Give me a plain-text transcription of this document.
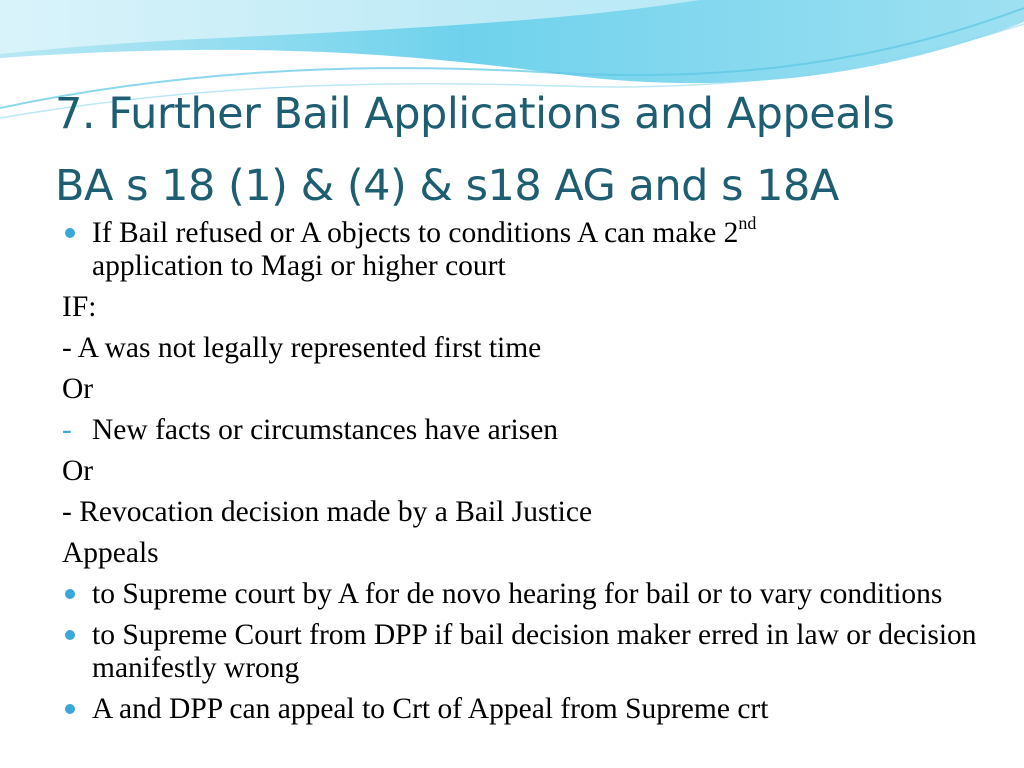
7. Further Bail Applications and Appeals
BA s 18 (1) & (4) & s18 AG and s 18A
If Bail refused or A objects to conditions A can make 2nd
application to Magi or higher court
IF:
- A was not legally represented first time
Or
- New facts or circumstances have arisen
Or
- Revocation decision made by a Bail Justice
Appeals
to Supreme court by A for de novo hearing for bail or to vary conditions
to Supreme Court from DPP if bail decision maker erred in law or decision manifestly wrong
A and DPP can appeal to Crt of Appeal from Supreme crt
